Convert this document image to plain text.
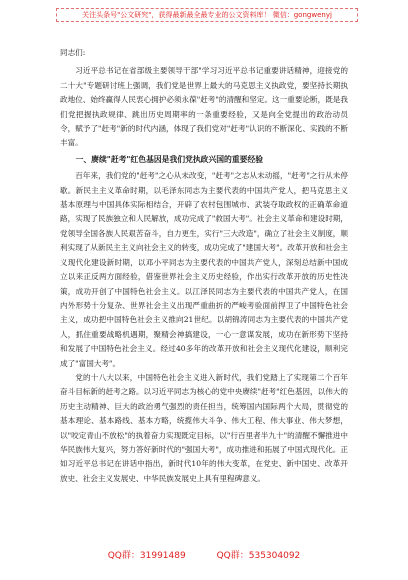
关注头条号"公文研究"，获得最新最全最专业的公文资料库！ 微信：gongwenyj

同志们:

习近平总书记在省部级主要领导干部"学习习近平总书记重要讲话精神，迎接党的二十大"专题研讨班上强调，我们党是世界上最大的马克思主义执政党，要坚持长期执政地位、始终赢得人民衷心拥护必须永葆"赶考"的清醒和坚定。这一重要论断，既是我们党把握执政规律、跳出历史周期率的一条重要经验，又是向全党提出的政治动员令，赋予了"赶考"新的时代内涵，体现了我们党对"赶考"认识的不断深化、实践的不断丰富。

一、赓续"赶考"红色基因是我们党执政兴国的重要经验

百年来，我们党的"赶考"之心从未改变，"赶考"之志从未动摇，"赶考"之行从未停歇。新民主主义革命时期，以毛泽东同志为主要代表的中国共产党人，把马克思主义基本原理与中国具体实际相结合，开辟了农村包围城市、武装夺取政权的正确革命道路，实现了民族独立和人民解放，成功完成了"救国大考"。社会主义革命和建设时期，党领导全国各族人民艰苦奋斗，自力更生，实行"三大改造"，确立了社会主义制度，顺利实现了从新民主主义向社会主义的转变，成功完成了"建国大考"。改革开放和社会主义现代化建设新时期，以邓小平同志为主要代表的中国共产党人，深刻总结新中国成立以来正反两方面经验，借鉴世界社会主义历史经验，作出实行改革开放的历史性决策，成功开创了中国特色社会主义。以江泽民同志为主要代表的中国共产党人，在国内外形势十分复杂、世界社会主义出现严重曲折的严峻考验面前捍卫了中国特色社会主义，成功把中国特色社会主义推向21世纪。以胡锦涛同志为主要代表的中国共产党人，抓住重要战略机遇期，聚精会神搞建设，一心一意谋发展，成功在新形势下坚持和发展了中国特色社会主义。经过40多年的改革开放和社会主义现代化建设，顺利完成了"富国大考"。

党的十八大以来，中国特色社会主义进入新时代，我们党踏上了实现第二个百年奋斗目标新的赶考之路。以习近平同志为核心的党中央赓续"赶考"红色基因，以伟大的历史主动精神、巨大的政治勇气强烈的责任担当，统筹国内国际两个大局，贯彻党的基本理论、基本路线、基本方略，统揽伟大斗争、伟大工程、伟大事业、伟大梦想，以"咬定青山不放松"的执着奋力实现既定目标，以"行百里者半九十"的清醒不懈推进中华民族伟大复兴，努力答好新时代的"强国大考"，成功推进和拓展了中国式现代化。正如习近平总书记在讲话中指出，新时代10年的伟大变革，在党史、新中国史、改革开放史、社会主义发展史、中华民族发展史上具有里程碑意义。

QQ群：31991489	QQ群：535304092
